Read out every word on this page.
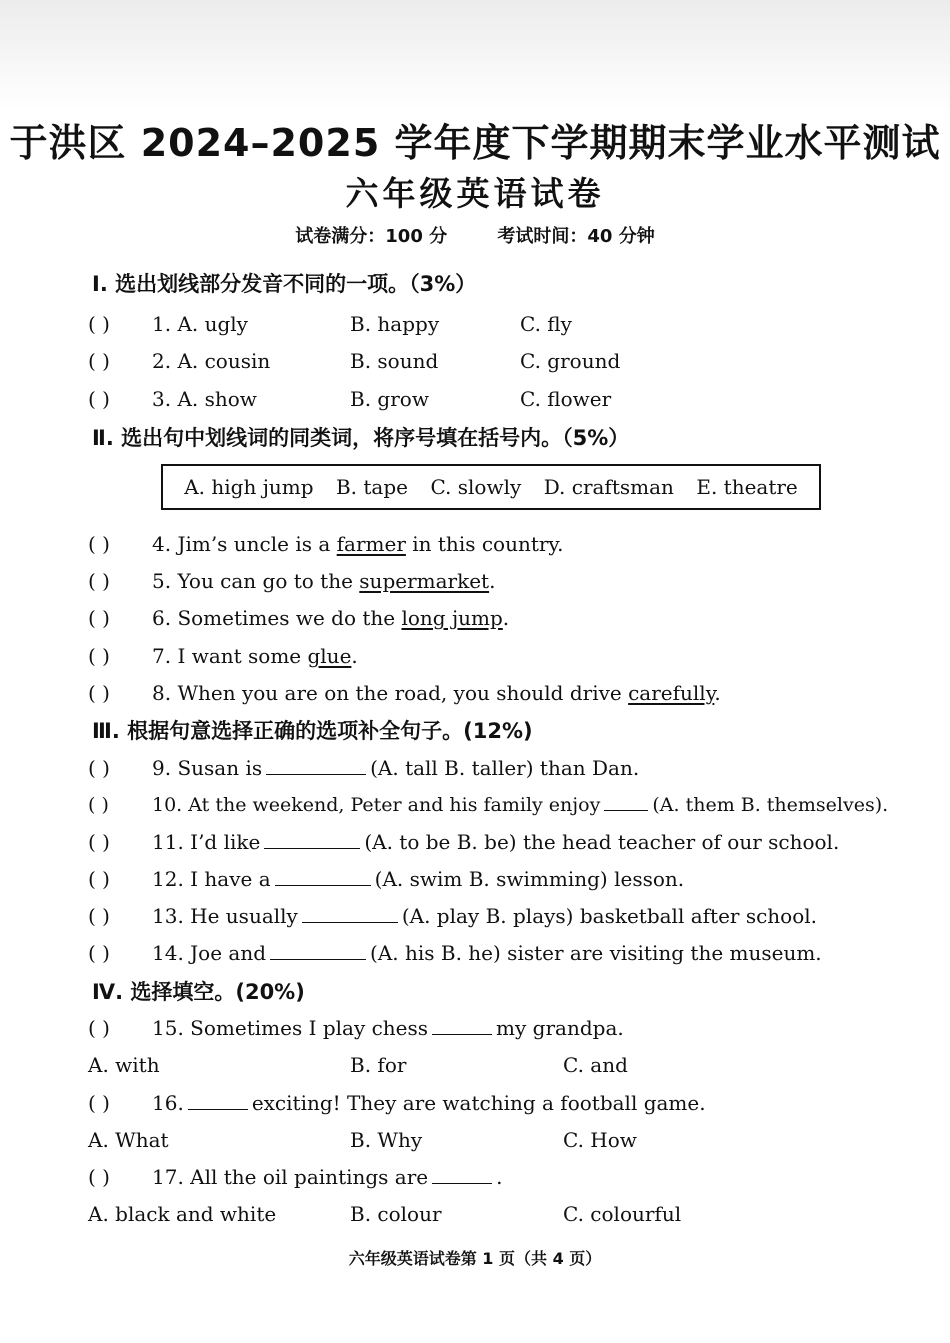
于洪区 2024–2025 学年度下学期期末学业水平测试
六年级英语试卷
试卷满分：100 分	考试时间：40 分钟
Ⅰ. 选出划线部分发音不同的一项。（3%）
( ) 1. A. ugly	B. happy	C. fly
( ) 2. A. cousin	B. sound	C. ground
( ) 3. A. show	B. grow	C. flower
Ⅱ. 选出句中划线词的同类词，将序号填在括号内。（5%）
A. high jump B. tape C. slowly D. craftsman E. theatre
( ) 4. Jim’s uncle is a farmer in this country.
( ) 5. You can go to the supermarket.
( ) 6. Sometimes we do the long jump.
( ) 7. I want some glue.
( ) 8. When you are on the road, you should drive carefully.
Ⅲ. 根据句意选择正确的选项补全句子。(12%)
( ) 9. Susan is	(A. tall B. taller) than Dan.
( ) 10. At the weekend, Peter and his family enjoy	(A. them B. themselves).
( ) 11. I’d like	(A. to be B. be) the head teacher of our school.
( ) 12. I have a	(A. swim B. swimming) lesson.
( ) 13. He usually	(A. play B. plays) basketball after school.
( ) 14. Joe and	(A. his B. he) sister are visiting the museum.
Ⅳ. 选择填空。(20%)
( ) 15. Sometimes I play chess	my grandpa.
A. with	B. for	C. and
( ) 16.	exciting! They are watching a football game.
A. What	B. Why	C. How
( ) 17. All the oil paintings are	.
A. black and white	B. colour	C. colourful
六年级英语试卷第 1 页（共 4 页）
